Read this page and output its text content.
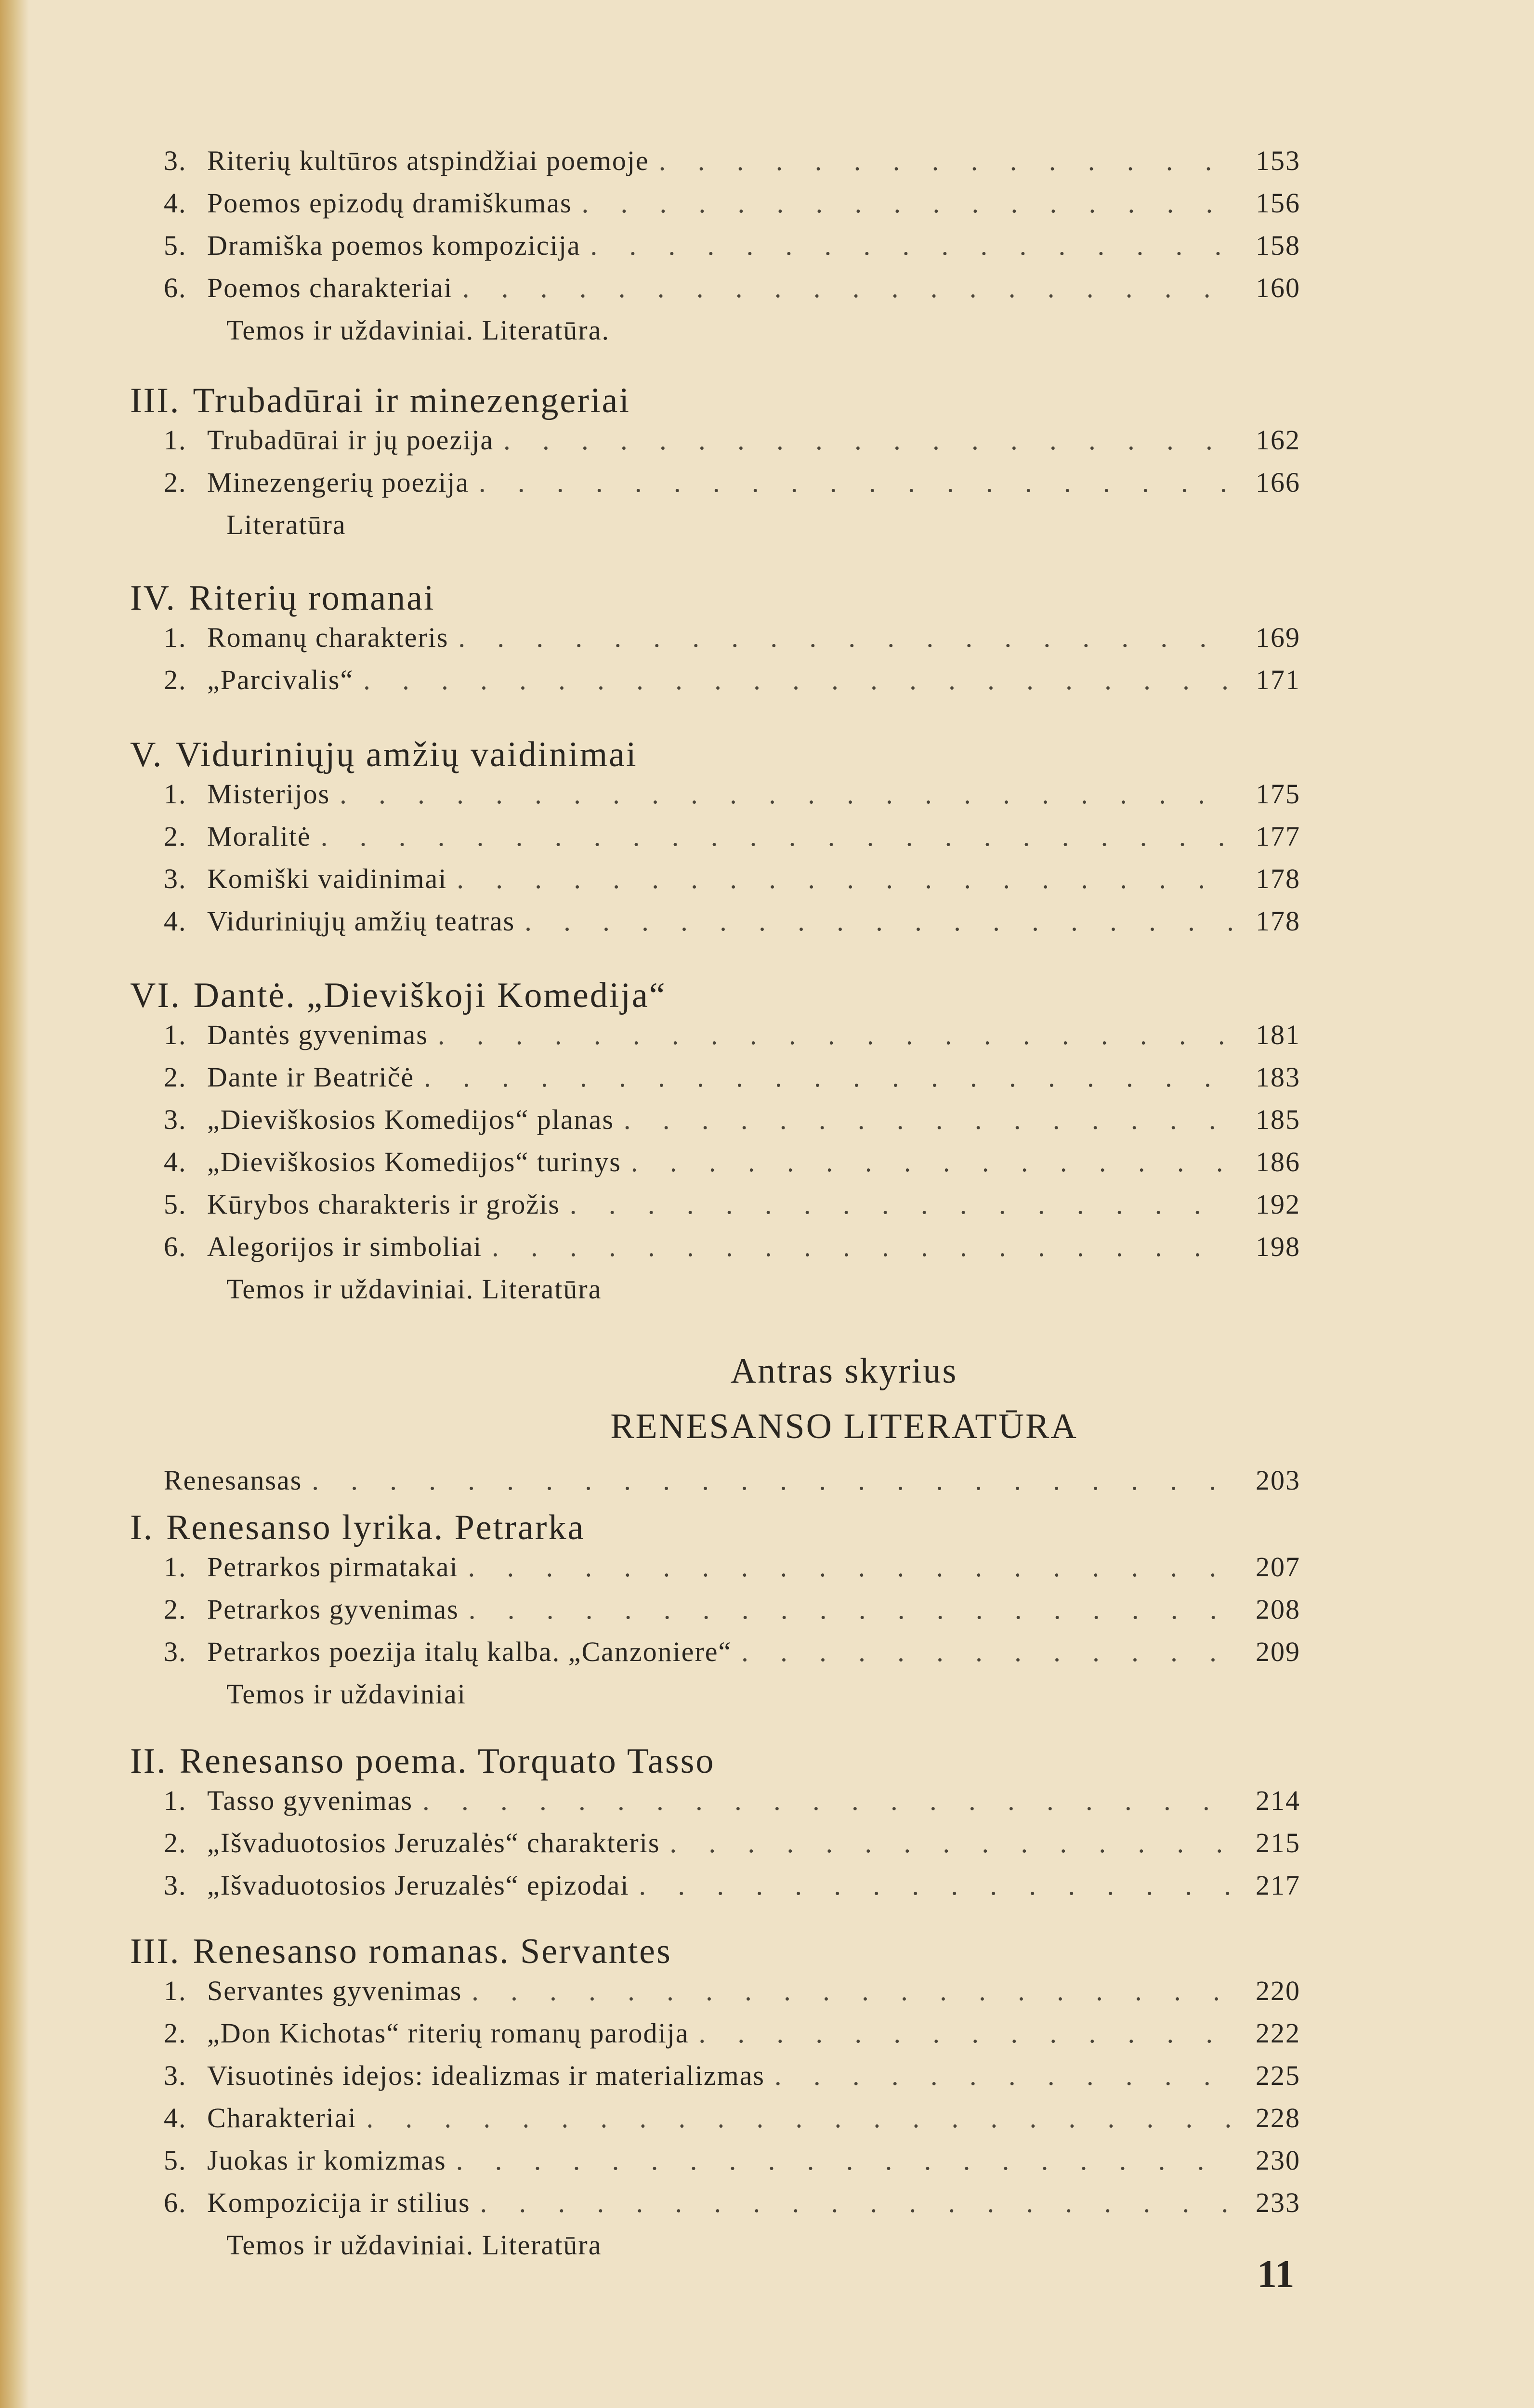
3. Riterių kultūros atspindžiai poemoje . . .	153
4. Poemos epizodų dramiškumas . . .	156
5. Dramiška poemos kompozicija . . .	158
6. Poemos charakteriai . . .	160
Temos ir uždaviniai. Literatūra.
III. Trubadūrai ir minezengeriai
1. Trubadūrai ir jų poezija . . .	162
2. Minezengerių poezija . . .	166
Literatūra
IV. Riterių romanai
1. Romanų charakteris . . .	169
2. „Parcivalis“ . . .	171
V. Viduriniųjų amžių vaidinimai
1. Misterijos . . .	175
2. Moralitė . . .	177
3. Komiški vaidinimai . . .	178
4. Viduriniųjų amžių teatras . . .	178
VI. Dantė. „Dieviškoji Komedija“
1. Dantės gyvenimas . . .	181
2. Dante ir Beatričė . . .	183
3. „Dieviškosios Komedijos“ planas . . .	185
4. „Dieviškosios Komedijos“ turinys . . .	186
5. Kūrybos charakteris ir grožis . . .	192
6. Alegorijos ir simboliai . . .	198
Temos ir uždaviniai. Literatūra
Antras skyrius
RENESANSO LITERATŪRA
Renesansas . . .	203
I. Renesanso lyrika. Petrarka
1. Petrarkos pirmatakai . . .	207
2. Petrarkos gyvenimas . . .	208
3. Petrarkos poezija italų kalba. „Canzoniere“ . . .	209
Temos ir uždaviniai
II. Renesanso poema. Torquato Tasso
1. Tasso gyvenimas . . .	214
2. „Išvaduotosios Jeruzalės“ charakteris . . .	215
3. „Išvaduotosios Jeruzalės“ epizodai . . .	217
III. Renesanso romanas. Servantes
1. Servantes gyvenimas . . .	220
2. „Don Kichotas“ riterių romanų parodija . . .	222
3. Visuotinės idejos: idealizmas ir materializmas . . .	225
4. Charakteriai . . .	228
5. Juokas ir komizmas . . .	230
6. Kompozicija ir stilius . . .	233
Temos ir uždaviniai. Literatūra
11
